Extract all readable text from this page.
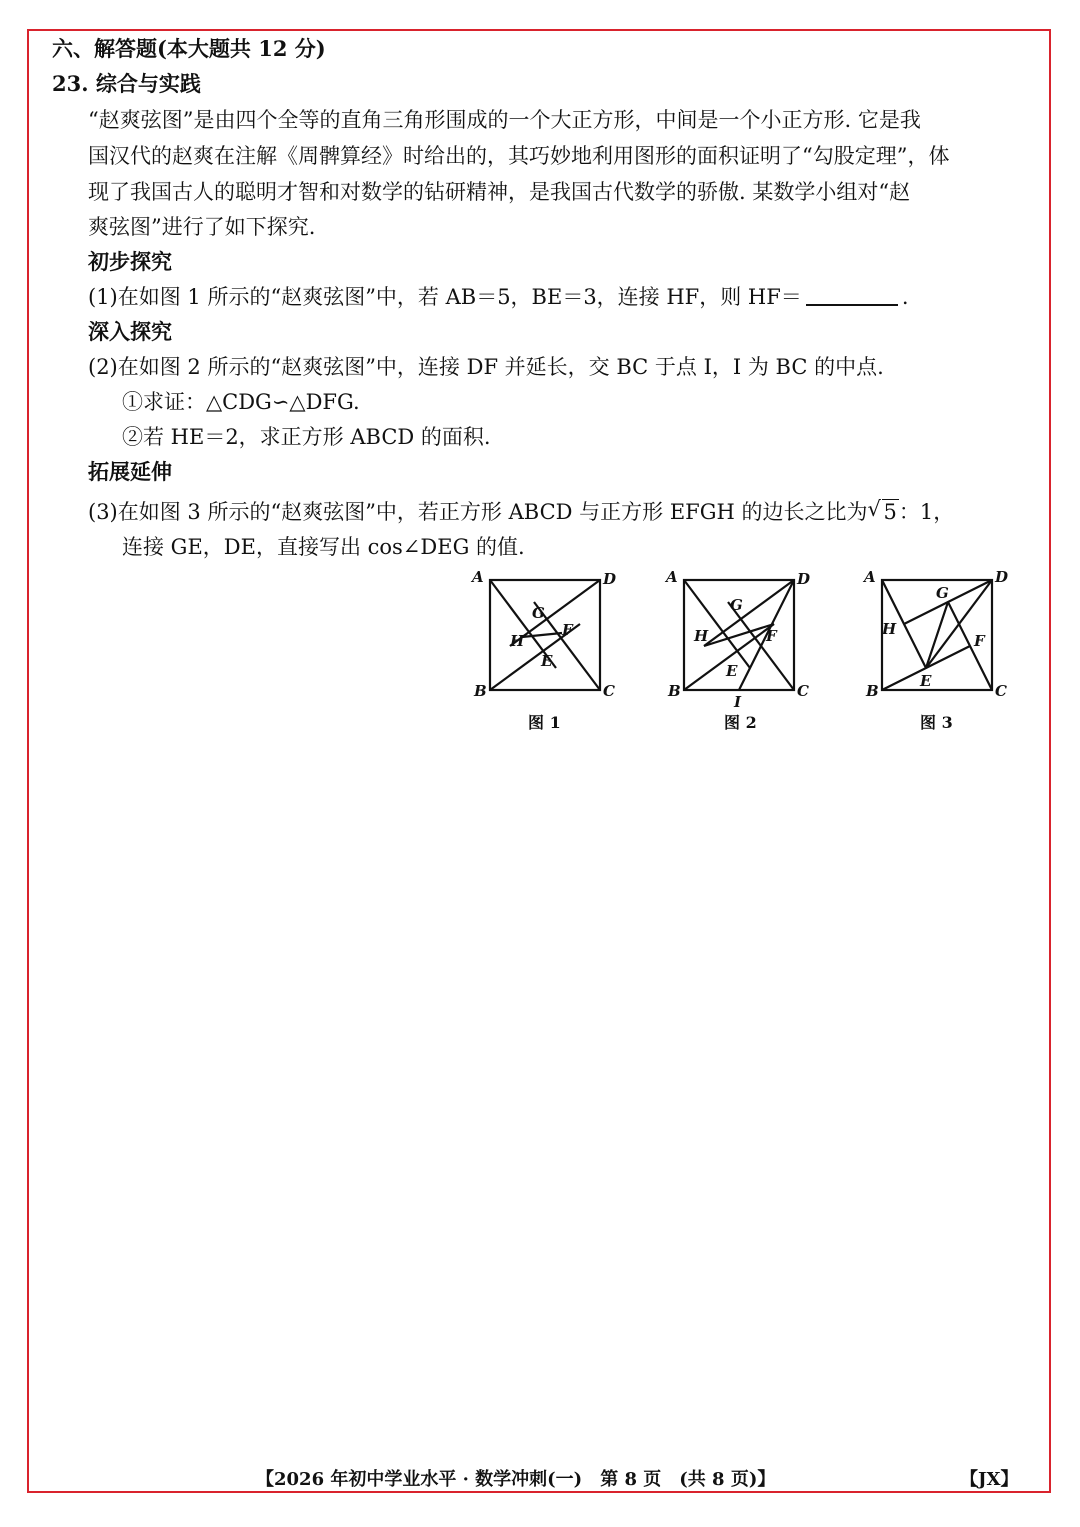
六、解答题(本大题共 12 分)
23. 综合与实践
“赵爽弦图”是由四个全等的直角三角形围成的一个大正方形，中间是一个小正方形. 它是我
国汉代的赵爽在注解《周髀算经》时给出的，其巧妙地利用图形的面积证明了“勾股定理”，体
现了我国古人的聪明才智和对数学的钻研精神，是我国古代数学的骄傲. 某数学小组对“赵
爽弦图”进行了如下探究.
初步探究
(1)在如图 1 所示的“赵爽弦图”中，若 AB＝5，BE＝3，连接 HF，则 HF＝	.
深入探究
(2)在如图 2 所示的“赵爽弦图”中，连接 DF 并延长，交 BC 于点 I，I 为 BC 的中点.
①求证：△CDG∽△DFG.
②若 HE＝2，求正方形 ABCD 的面积.
拓展延伸
(3)在如图 3 所示的“赵爽弦图”中，若正方形 ABCD 与正方形 EFGH 的边长之比为 √ 5：1，
连接 GE，DE，直接写出 cos∠DEG 的值.
A	D
B	C
G
F
H
E
图 1
A	D
B	C
G
F
H
E
I
图 2
A	D
B	C
G
F
H
E
图 3
【2026 年初中学业水平 · 数学冲刺(一)　第 8 页　(共 8 页)】	【JX】
